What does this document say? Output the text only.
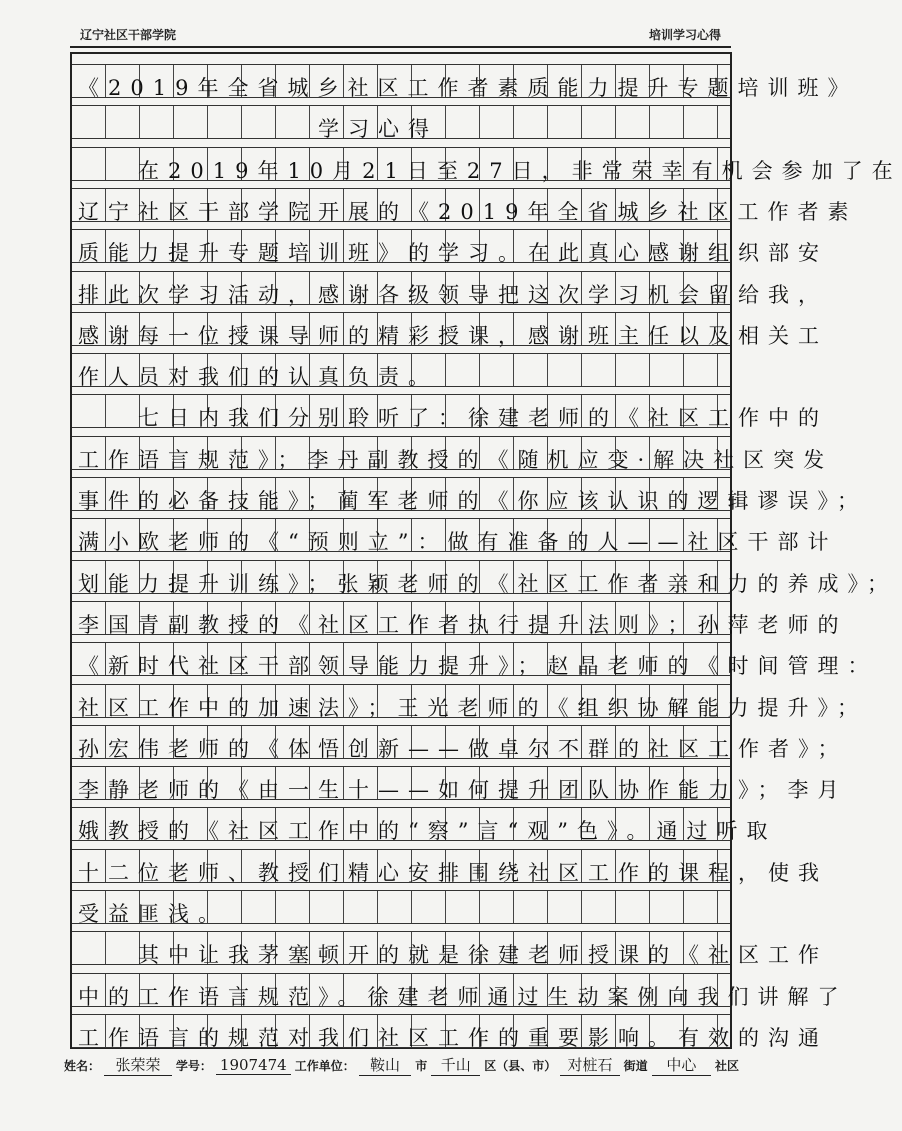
辽宁社区干部学院	培训学习心得
《2019年全省城乡社区工作者素质能力提升专题培训班》
　　　　　　　　学习心得
　　在2019年10月21日至27日，非常荣幸有机会参加了在
辽宁社区干部学院开展的《2019年全省城乡社区工作者素
质能力提升专题培训班》的学习。在此真心感谢组织部安
排此次学习活动，感谢各级领导把这次学习机会留给我，
感谢每一位授课导师的精彩授课，感谢班主任以及相关工
作人员对我们的认真负责。
　　七日内我们分别聆听了：徐建老师的《社区工作中的
工作语言规范》；李丹副教授的《随机应变·解决社区突发
事件的必备技能》；蔺军老师的《你应该认识的逻辑谬误》；
满小欧老师的《“预则立”：做有准备的人——社区干部计
划能力提升训练》；张颖老师的《社区工作者亲和力的养成》；
李国青副教授的《社区工作者执行提升法则》；孙萍老师的
《新时代社区干部领导能力提升》；赵晶老师的《时间管理：
社区工作中的加速法》；王光老师的《组织协解能力提升》；
孙宏伟老师的《体悟创新——做卓尔不群的社区工作者》；
李静老师的《由一生十——如何提升团队协作能力》；李月
娥教授的《社区工作中的“察”言“观”色》。通过听取
十二位老师、教授们精心安排围绕社区工作的课程，使我
受益匪浅。
　　其中让我茅塞顿开的就是徐建老师授课的《社区工作
中的工作语言规范》。徐建老师通过生动案例向我们讲解了
工作语言的规范对我们社区工作的重要影响。有效的沟通
姓名：	张荣荣	学号： 1907474 工作单位：	鞍山	市 千山	区（县、市） 对桩石 街道	中心	社区
